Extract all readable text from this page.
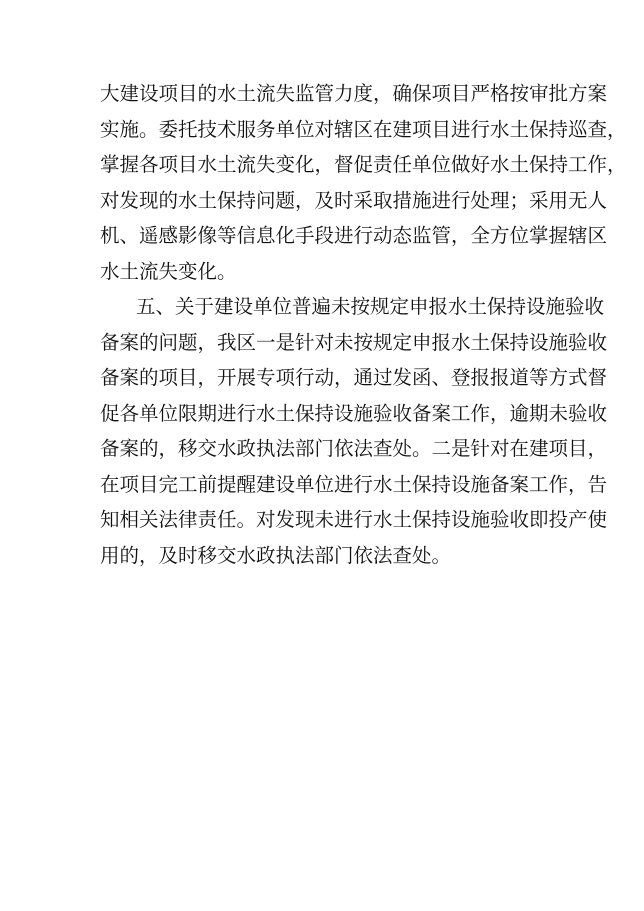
大建设项目的水土流失监管力度，确保项目严格按审批方案

实施。委托技术服务单位对辖区在建项目进行水土保持巡查，

掌握各项目水土流失变化，督促责任单位做好水土保持工作，

对发现的水土保持问题，及时采取措施进行处理；采用无人

机、遥感影像等信息化手段进行动态监管，全方位掌握辖区

水土流失变化。

五、关于建设单位普遍未按规定申报水土保持设施验收

备案的问题，我区一是针对未按规定申报水土保持设施验收

备案的项目，开展专项行动，通过发函、登报报道等方式督

促各单位限期进行水土保持设施验收备案工作，逾期未验收

备案的，移交水政执法部门依法查处。二是针对在建项目，

在项目完工前提醒建设单位进行水土保持设施备案工作，告

知相关法律责任。对发现未进行水土保持设施验收即投产使

用的，及时移交水政执法部门依法查处。
